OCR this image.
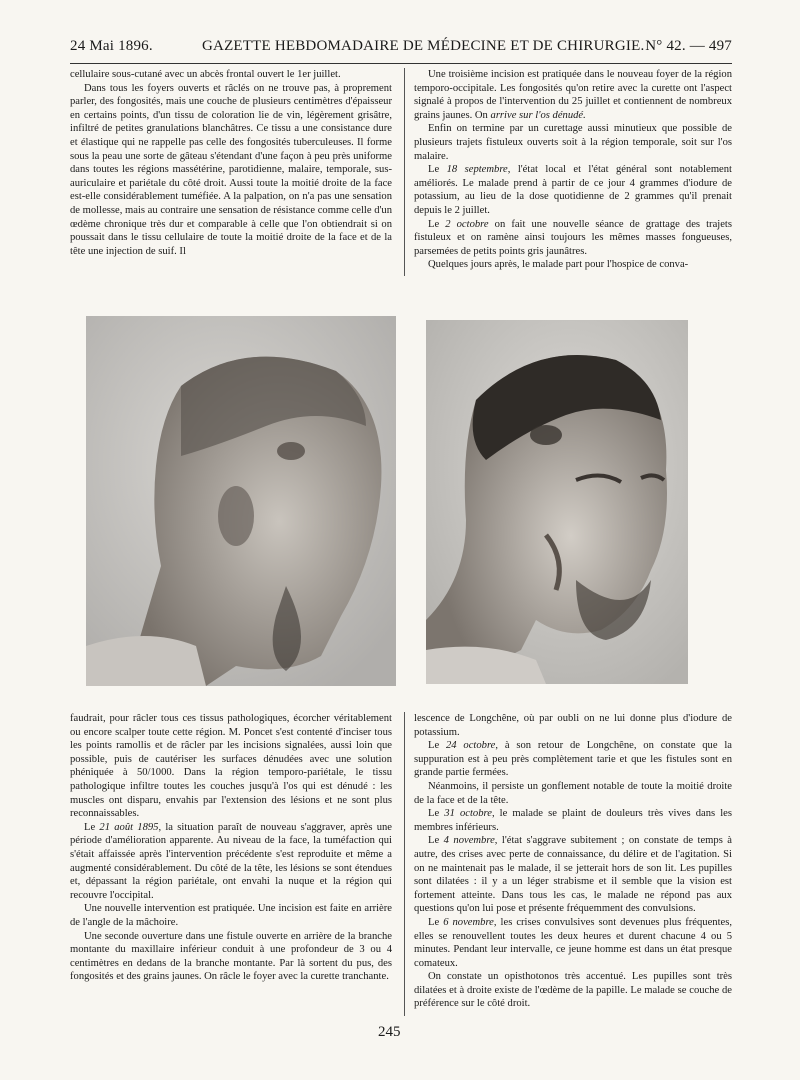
24 Mai 1896.	GAZETTE HEBDOMADAIRE DE MÉDECINE ET DE CHIRURGIE. N° 42. — 497

cellulaire sous-cutané avec un abcès frontal ouvert le 1er juillet.

Dans tous les foyers ouverts et râclés on ne trouve pas, à proprement parler, des fongosités, mais une couche de plusieurs centimètres d'épaisseur en certains points, d'un tissu de coloration lie de vin, légèrement grisâtre, infiltré de petites granulations blanchâtres. Ce tissu a une consistance dure et élastique qui ne rappelle pas celle des fongosités tuberculeuses. Il forme sous la peau une sorte de gâteau s'étendant d'une façon à peu près uniforme dans toutes les régions massétérine, parotidienne, malaire, temporale, sus-auriculaire et pariétale du côté droit. Aussi toute la moitié droite de la face est-elle considérablement tuméfiée. A la palpation, on n'a pas une sensation de mollesse, mais au contraire une sensation de résistance comme celle d'un œdème chronique très dur et comparable à celle que l'on obtiendrait si on poussait dans le tissu cellulaire de toute la moitié droite de la face et de la tête une injection de suif. Il

Une troisième incision est pratiquée dans le nouveau foyer de la région temporo-occipitale. Les fongosités qu'on retire avec la curette ont l'aspect signalé à propos de l'intervention du 25 juillet et contiennent de nombreux grains jaunes. On arrive sur l'os dénudé.

Enfin on termine par un curettage aussi minutieux que possible de plusieurs trajets fistuleux ouverts soit à la région temporale, soit sur l'os malaire.

Le 18 septembre, l'état local et l'état général sont notablement améliorés. Le malade prend à partir de ce jour 4 grammes d'iodure de potassium, au lieu de la dose quotidienne de 2 grammes qu'il prenait depuis le 2 juillet.

Le 2 octobre on fait une nouvelle séance de grattage des trajets fistuleux et on ramène ainsi toujours les mêmes masses fongueuses, parsemées de petits points gris jaunâtres.

Quelques jours après, le malade part pour l'hospice de conva-

faudrait, pour râcler tous ces tissus pathologiques, écorcher véritablement ou encore scalper toute cette région. M. Poncet s'est contenté d'inciser tous les points ramollis et de râcler par les incisions signalées, aussi loin que possible, puis de cautériser les surfaces dénudées avec une solution phéniquée à 50/1000. Dans la région temporo-pariétale, le tissu pathologique infiltre toutes les couches jusqu'à l'os qui est dénudé : les muscles ont disparu, envahis par l'extension des lésions et ne sont plus reconnaissables.

Le 21 août 1895, la situation paraît de nouveau s'aggraver, après une période d'amélioration apparente. Au niveau de la face, la tuméfaction qui s'était affaissée après l'intervention précédente s'est reproduite et même a augmenté considérablement. Du côté de la tête, les lésions se sont étendues et, dépassant la région pariétale, ont envahi la nuque et la région qui recouvre l'occipital.

Une nouvelle intervention est pratiquée. Une incision est faite en arrière de l'angle de la mâchoire.

Une seconde ouverture dans une fistule ouverte en arrière de la branche montante du maxillaire inférieur conduit à une profondeur de 3 ou 4 centimètres en dedans de la branche montante. Par là sortent du pus, des fongosités et des grains jaunes. On râcle le foyer avec la curette tranchante.

lescence de Longchêne, où par oubli on ne lui donne plus d'iodure de potassium.

Le 24 octobre, à son retour de Longchêne, on constate que la suppuration est à peu près complètement tarie et que les fistules sont en grande partie fermées.

Néanmoins, il persiste un gonflement notable de toute la moitié droite de la face et de la tête.

Le 31 octobre, le malade se plaint de douleurs très vives dans les membres inférieurs.

Le 4 novembre, l'état s'aggrave subitement ; on constate de temps à autre, des crises avec perte de connaissance, du délire et de l'agitation. Si on ne maintenait pas le malade, il se jetterait hors de son lit. Les pupilles sont dilatées : il y a un léger strabisme et il semble que la vision est fortement atteinte. Dans tous les cas, le malade ne répond pas aux questions qu'on lui pose et présente fréquemment des convulsions.

Le 6 novembre, les crises convulsives sont devenues plus fréquentes, elles se renouvellent toutes les deux heures et durent chacune 4 ou 5 minutes. Pendant leur intervalle, ce jeune homme est dans un état presque comateux.

On constate un opisthotonos très accentué. Les pupilles sont très dilatées et à droite existe de l'œdème de la papille. Le malade se couche de préférence sur le côté droit.

245
